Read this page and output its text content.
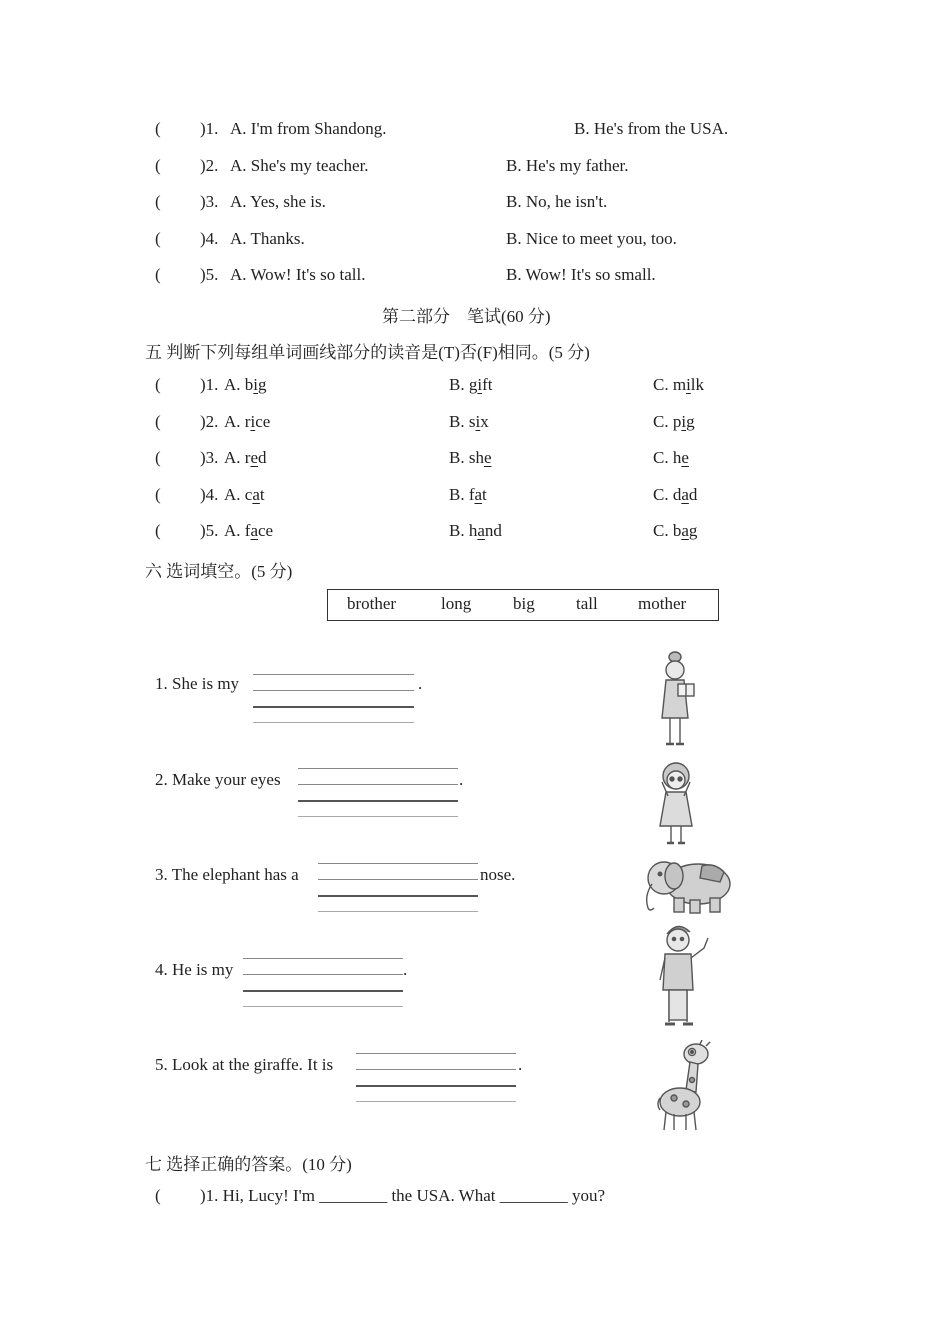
( )1. A. I'm from Shandong.	B. He's from the USA.
( )2. A. She's my teacher.	B. He's my father.
( )3. A. Yes, she is.	B. No, he isn't.
( )4. A. Thanks.	B. Nice to meet you, too.
( )5. A. Wow! It's so tall.	B. Wow! It's so small.
第二部分　笔试(60 分)
五 判断下列每组单词画线部分的读音是(T)否(F)相同。(5 分)
( )1. A. big	B. gift	C. milk
( )2. A. rice	B. six	C. pig
( )3. A. red	B. she	C. he
( )4. A. cat	B. fat	C. dad
( )5. A. face	B. hand	C. bag
六 选词填空。(5 分)
brother	long big tall mother
1. She is my	.
2. Make your eyes	.
3. The elephant has a	nose.
4. He is my	.
5. Look at the giraffe. It is	.
七 选择正确的答案。(10 分)
( )1. Hi, Lucy! I'm ________ the USA. What ________ you?
